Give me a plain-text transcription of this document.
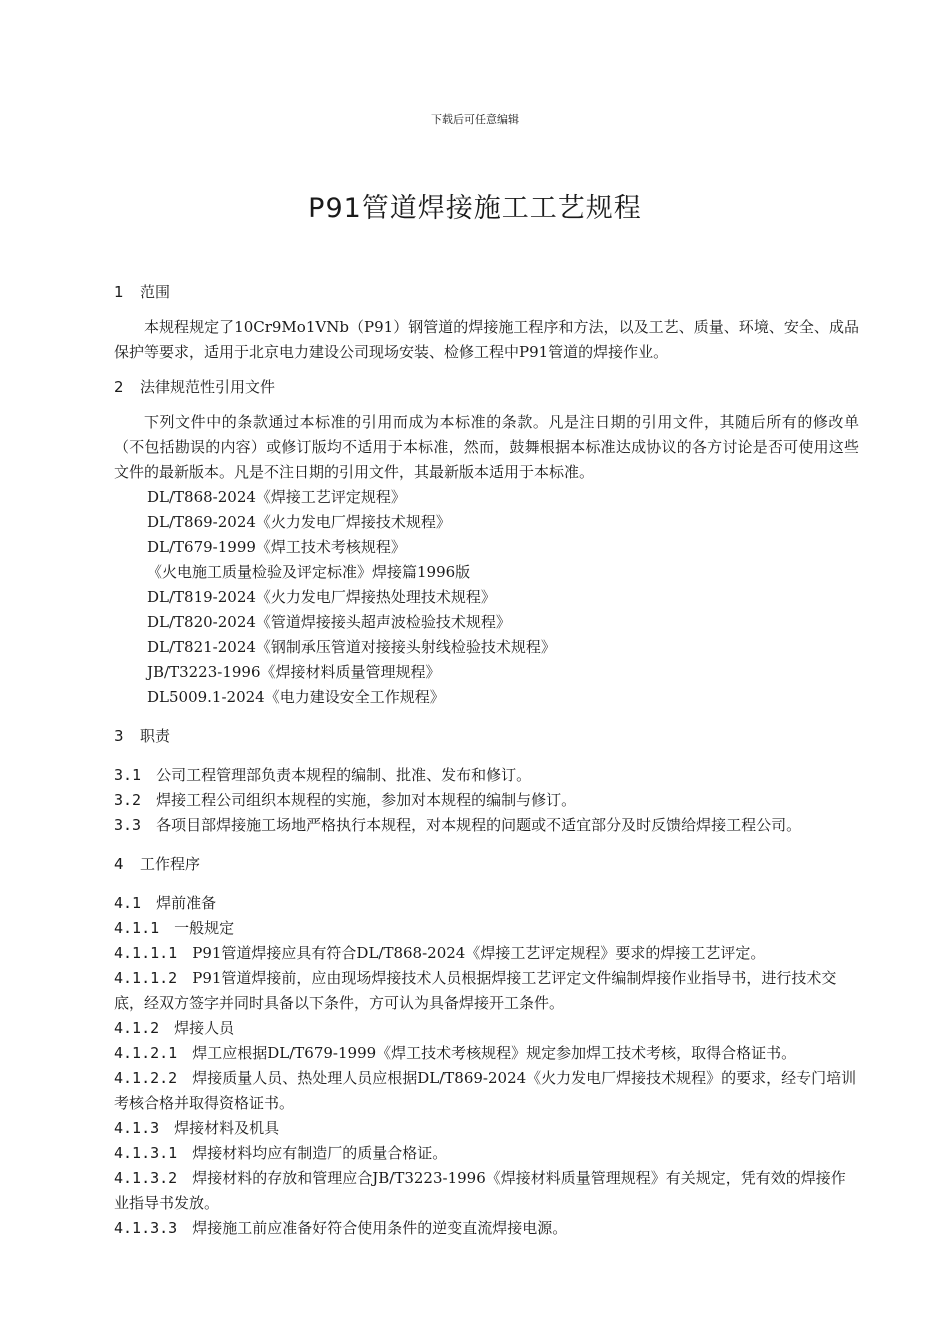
下载后可任意编辑
P91管道焊接施工工艺规程
1 范围
本规程规定了10Cr9Mo1VNb（P91）钢管道的焊接施工程序和方法，以及工艺、质量、环境、安全、成品保护等要求，适用于北京电力建设公司现场安装、检修工程中P91管道的焊接作业。
2 法律规范性引用文件
下列文件中的条款通过本标准的引用而成为本标准的条款。凡是注日期的引用文件，其随后所有的修改单（不包括勘误的内容）或修订版均不适用于本标准，然而，鼓舞根据本标准达成协议的各方讨论是否可使用这些文件的最新版本。凡是不注日期的引用文件，其最新版本适用于本标准。
DL/T868-2024《焊接工艺评定规程》
DL/T869-2024《火力发电厂焊接技术规程》
DL/T679-1999《焊工技术考核规程》
《火电施工质量检验及评定标准》焊接篇1996版
DL/T819-2024《火力发电厂焊接热处理技术规程》
DL/T820-2024《管道焊接接头超声波检验技术规程》
DL/T821-2024《钢制承压管道对接接头射线检验技术规程》
JB/T3223-1996《焊接材料质量管理规程》
DL5009.1-2024《电力建设安全工作规程》
3 职责
3.1　 公司工程管理部负责本规程的编制、批准、发布和修订。
3.2　 焊接工程公司组织本规程的实施，参加对本规程的编制与修订。
3.3　 各项目部焊接施工场地严格执行本规程，对本规程的问题或不适宜部分及时反馈给焊接工程公司。
4 工作程序
4.1　 焊前准备
4.1.1　 一般规定
4.1.1.1　 P91管道焊接应具有符合DL/T868-2024《焊接工艺评定规程》要求的焊接工艺评定。
4.1.1.2　 P91管道焊接前，应由现场焊接技术人员根据焊接工艺评定文件编制焊接作业指导书，进行技术交底，经双方签字并同时具备以下条件，方可认为具备焊接开工条件。
4.1.2　 焊接人员
4.1.2.1　 焊工应根据DL/T679-1999《焊工技术考核规程》规定参加焊工技术考核，取得合格证书。
4.1.2.2　 焊接质量人员、热处理人员应根据DL/T869-2024《火力发电厂焊接技术规程》的要求，经专门培训考核合格并取得资格证书。
4.1.3　 焊接材料及机具
4.1.3.1　 焊接材料均应有制造厂的质量合格证。
4.1.3.2　 焊接材料的存放和管理应合JB/T3223-1996《焊接材料质量管理规程》有关规定，凭有效的焊接作业指导书发放。
4.1.3.3　 焊接施工前应准备好符合使用条件的逆变直流焊接电源。
